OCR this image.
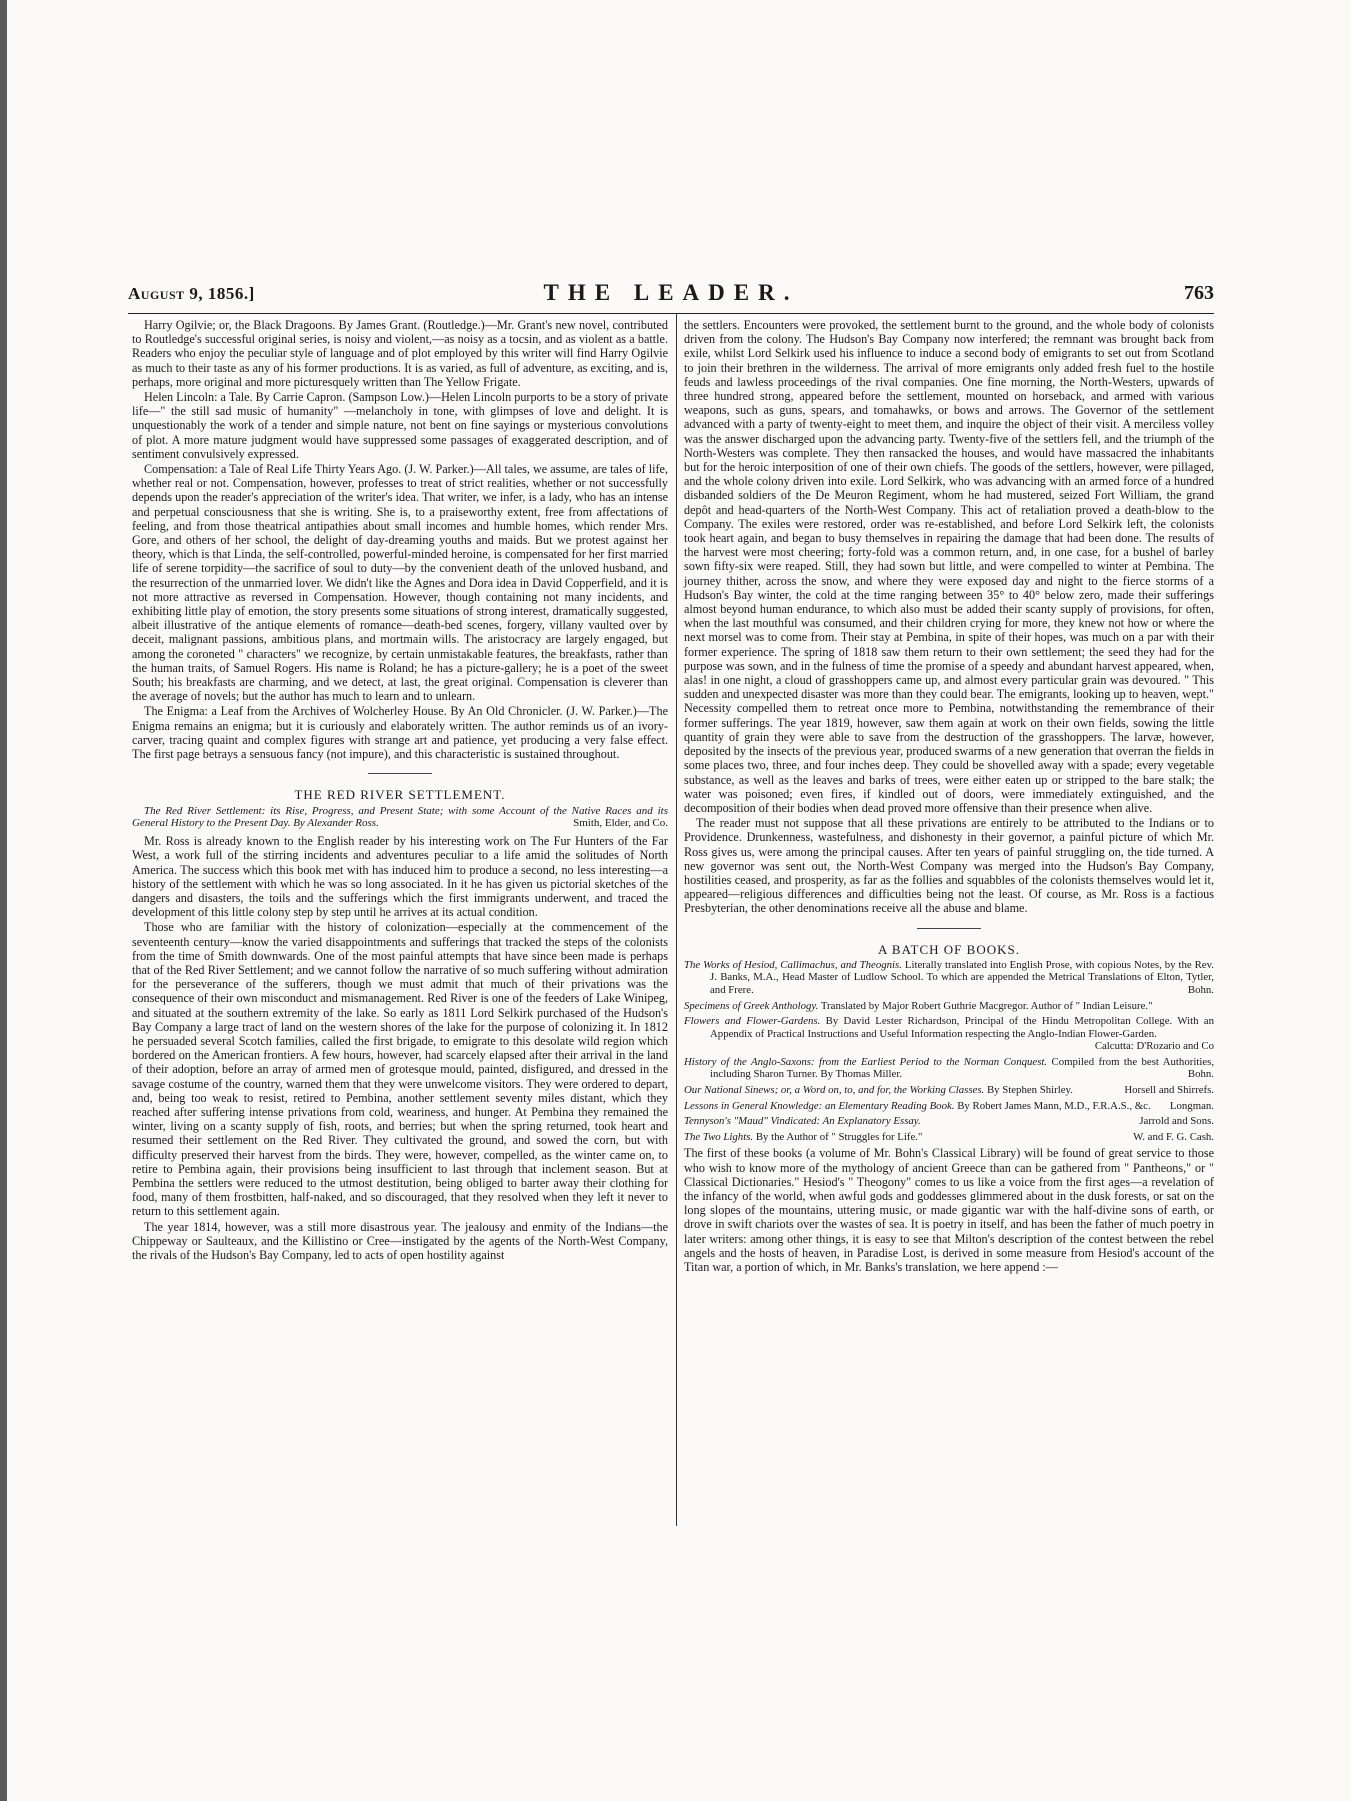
August 9, 1856.]	THE LEADER.	763

Harry Ogilvie; or, the Black Dragoons. By James Grant. (Routledge.)—Mr. Grant's new novel, contributed to Routledge's successful original series, is noisy and violent,—as noisy as a tocsin, and as violent as a battle. Readers who enjoy the peculiar style of language and of plot employed by this writer will find Harry Ogilvie as much to their taste as any of his former productions. It is as varied, as full of adventure, as exciting, and is, perhaps, more original and more picturesquely written than The Yellow Frigate.

Helen Lincoln: a Tale. By Carrie Capron. (Sampson Low.)—Helen Lincoln purports to be a story of private life—" the still sad music of humanity" —melancholy in tone, with glimpses of love and delight. It is unquestionably the work of a tender and simple nature, not bent on fine sayings or mysterious convolutions of plot. A more mature judgment would have suppressed some passages of exaggerated description, and of sentiment convulsively expressed.

Compensation: a Tale of Real Life Thirty Years Ago. (J. W. Parker.)—All tales, we assume, are tales of life, whether real or not. Compensation, however, professes to treat of strict realities, whether or not successfully depends upon the reader's appreciation of the writer's idea. That writer, we infer, is a lady, who has an intense and perpetual consciousness that she is writing. She is, to a praiseworthy extent, free from affectations of feeling, and from those theatrical antipathies about small incomes and humble homes, which render Mrs. Gore, and others of her school, the delight of day-dreaming youths and maids. But we protest against her theory, which is that Linda, the self-controlled, powerful-minded heroine, is compensated for her first married life of serene torpidity—the sacrifice of soul to duty—by the convenient death of the unloved husband, and the resurrection of the unmarried lover. We didn't like the Agnes and Dora idea in David Copperfield, and it is not more attractive as reversed in Compensation. However, though containing not many incidents, and exhibiting little play of emotion, the story presents some situations of strong interest, dramatically suggested, albeit illustrative of the antique elements of romance—death-bed scenes, forgery, villany vaulted over by deceit, malignant passions, ambitious plans, and mortmain wills. The aristocracy are largely engaged, but among the coroneted " characters" we recognize, by certain unmistakable features, the breakfasts, rather than the human traits, of Samuel Rogers. His name is Roland; he has a picture-gallery; he is a poet of the sweet South; his breakfasts are charming, and we detect, at last, the great original. Compensation is cleverer than the average of novels; but the author has much to learn and to unlearn.

The Enigma: a Leaf from the Archives of Wolcherley House. By An Old Chronicler. (J. W. Parker.)—The Enigma remains an enigma; but it is curiously and elaborately written. The author reminds us of an ivory-carver, tracing quaint and complex figures with strange art and patience, yet producing a very false effect. The first page betrays a sensuous fancy (not impure), and this characteristic is sustained throughout.

THE RED RIVER SETTLEMENT.
The Red River Settlement: its Rise, Progress, and Present State; with some Account of the Native Races and its General History to the Present Day. By Alexander Ross.	Smith, Elder, and Co.

Mr. Ross is already known to the English reader by his interesting work on The Fur Hunters of the Far West, a work full of the stirring incidents and adventures peculiar to a life amid the solitudes of North America. The success which this book met with has induced him to produce a second, no less interesting—a history of the settlement with which he was so long associated. In it he has given us pictorial sketches of the dangers and disasters, the toils and the sufferings which the first immigrants underwent, and traced the development of this little colony step by step until he arrives at its actual condition.

Those who are familiar with the history of colonization—especially at the commencement of the seventeenth century—know the varied disappointments and sufferings that tracked the steps of the colonists from the time of Smith downwards. One of the most painful attempts that have since been made is perhaps that of the Red River Settlement; and we cannot follow the narrative of so much suffering without admiration for the perseverance of the sufferers, though we must admit that much of their privations was the consequence of their own misconduct and mismanagement. Red River is one of the feeders of Lake Winipeg, and situated at the southern extremity of the lake. So early as 1811 Lord Selkirk purchased of the Hudson's Bay Company a large tract of land on the western shores of the lake for the purpose of colonizing it. In 1812 he persuaded several Scotch families, called the first brigade, to emigrate to this desolate wild region which bordered on the American frontiers. A few hours, however, had scarcely elapsed after their arrival in the land of their adoption, before an array of armed men of grotesque mould, painted, disfigured, and dressed in the savage costume of the country, warned them that they were unwelcome visitors. They were ordered to depart, and, being too weak to resist, retired to Pembina, another settlement seventy miles distant, which they reached after suffering intense privations from cold, weariness, and hunger. At Pembina they remained the winter, living on a scanty supply of fish, roots, and berries; but when the spring returned, took heart and resumed their settlement on the Red River. They cultivated the ground, and sowed the corn, but with difficulty preserved their harvest from the birds. They were, however, compelled, as the winter came on, to retire to Pembina again, their provisions being insufficient to last through that inclement season. But at Pembina the settlers were reduced to the utmost destitution, being obliged to barter away their clothing for food, many of them frostbitten, half-naked, and so discouraged, that they resolved when they left it never to return to this settlement again.

The year 1814, however, was a still more disastrous year. The jealousy and enmity of the Indians—the Chippeway or Saulteaux, and the Killistino or Cree—instigated by the agents of the North-West Company, the rivals of the Hudson's Bay Company, led to acts of open hostility against

the settlers. Encounters were provoked, the settlement burnt to the ground, and the whole body of colonists driven from the colony. The Hudson's Bay Company now interfered; the remnant was brought back from exile, whilst Lord Selkirk used his influence to induce a second body of emigrants to set out from Scotland to join their brethren in the wilderness. The arrival of more emigrants only added fresh fuel to the hostile feuds and lawless proceedings of the rival companies. One fine morning, the North-Westers, upwards of three hundred strong, appeared before the settlement, mounted on horseback, and armed with various weapons, such as guns, spears, and tomahawks, or bows and arrows. The Governor of the settlement advanced with a party of twenty-eight to meet them, and inquire the object of their visit. A merciless volley was the answer discharged upon the advancing party. Twenty-five of the settlers fell, and the triumph of the North-Westers was complete. They then ransacked the houses, and would have massacred the inhabitants but for the heroic interposition of one of their own chiefs. The goods of the settlers, however, were pillaged, and the whole colony driven into exile. Lord Selkirk, who was advancing with an armed force of a hundred disbanded soldiers of the De Meuron Regiment, whom he had mustered, seized Fort William, the grand depôt and head-quarters of the North-West Company. This act of retaliation proved a death-blow to the Company. The exiles were restored, order was re-established, and before Lord Selkirk left, the colonists took heart again, and began to busy themselves in repairing the damage that had been done. The results of the harvest were most cheering; forty-fold was a common return, and, in one case, for a bushel of barley sown fifty-six were reaped. Still, they had sown but little, and were compelled to winter at Pembina. The journey thither, across the snow, and where they were exposed day and night to the fierce storms of a Hudson's Bay winter, the cold at the time ranging between 35° to 40° below zero, made their sufferings almost beyond human endurance, to which also must be added their scanty supply of provisions, for often, when the last mouthful was consumed, and their children crying for more, they knew not how or where the next morsel was to come from. Their stay at Pembina, in spite of their hopes, was much on a par with their former experience. The spring of 1818 saw them return to their own settlement; the seed they had for the purpose was sown, and in the fulness of time the promise of a speedy and abundant harvest appeared, when, alas! in one night, a cloud of grasshoppers came up, and almost every particular grain was devoured. " This sudden and unexpected disaster was more than they could bear. The emigrants, looking up to heaven, wept." Necessity compelled them to retreat once more to Pembina, notwithstanding the remembrance of their former sufferings. The year 1819, however, saw them again at work on their own fields, sowing the little quantity of grain they were able to save from the destruction of the grasshoppers. The larvæ, however, deposited by the insects of the previous year, produced swarms of a new generation that overran the fields in some places two, three, and four inches deep. They could be shovelled away with a spade; every vegetable substance, as well as the leaves and barks of trees, were either eaten up or stripped to the bare stalk; the water was poisoned; even fires, if kindled out of doors, were immediately extinguished, and the decomposition of their bodies when dead proved more offensive than their presence when alive.

The reader must not suppose that all these privations are entirely to be attributed to the Indians or to Providence. Drunkenness, wastefulness, and dishonesty in their governor, a painful picture of which Mr. Ross gives us, were among the principal causes. After ten years of painful struggling on, the tide turned. A new governor was sent out, the North-West Company was merged into the Hudson's Bay Company, hostilities ceased, and prosperity, as far as the follies and squabbles of the colonists themselves would let it, appeared—religious differences and difficulties being not the least. Of course, as Mr. Ross is a factious Presbyterian, the other denominations receive all the abuse and blame.

A BATCH OF BOOKS.
The Works of Hesiod, Callimachus, and Theognis. Literally translated into English Prose, with copious Notes, by the Rev. J. Banks, M.A., Head Master of Ludlow School. To which are appended the Metrical Translations of Elton, Tytler, and Frere.	Bohn.
Specimens of Greek Anthology. Translated by Major Robert Guthrie Macgregor. Author of " Indian Leisure."
Flowers and Flower-Gardens. By David Lester Richardson, Principal of the Hindu Metropolitan College. With an Appendix of Practical Instructions and Useful Information respecting the Anglo-Indian Flower-Garden.
Calcutta: D'Rozario and Co
History of the Anglo-Saxons: from the Earliest Period to the Norman Conquest. Compiled from the best Authorities, including Sharon Turner. By Thomas Miller.	Bohn.
Our National Sinews; or, a Word on, to, and for, the Working Classes. By Stephen Shirley.	Horsell and Shirrefs.
Lessons in General Knowledge: an Elementary Reading Book. By Robert James Mann, M.D., F.R.A.S., &c. Longman.
Tennyson's "Maud" Vindicated: An Explanatory Essay.	Jarrold and Sons.
The Two Lights. By the Author of " Struggles for Life."	W. and F. G. Cash.

The first of these books (a volume of Mr. Bohn's Classical Library) will be found of great service to those who wish to know more of the mythology of ancient Greece than can be gathered from " Pantheons," or " Classical Dictionaries." Hesiod's " Theogony" comes to us like a voice from the first ages—a revelation of the infancy of the world, when awful gods and goddesses glimmered about in the dusk forests, or sat on the long slopes of the mountains, uttering music, or made gigantic war with the half-divine sons of earth, or drove in swift chariots over the wastes of sea. It is poetry in itself, and has been the father of much poetry in later writers: among other things, it is easy to see that Milton's description of the contest between the rebel angels and the hosts of heaven, in Paradise Lost, is derived in some measure from Hesiod's account of the Titan war, a portion of which, in Mr. Banks's translation, we here append :—
